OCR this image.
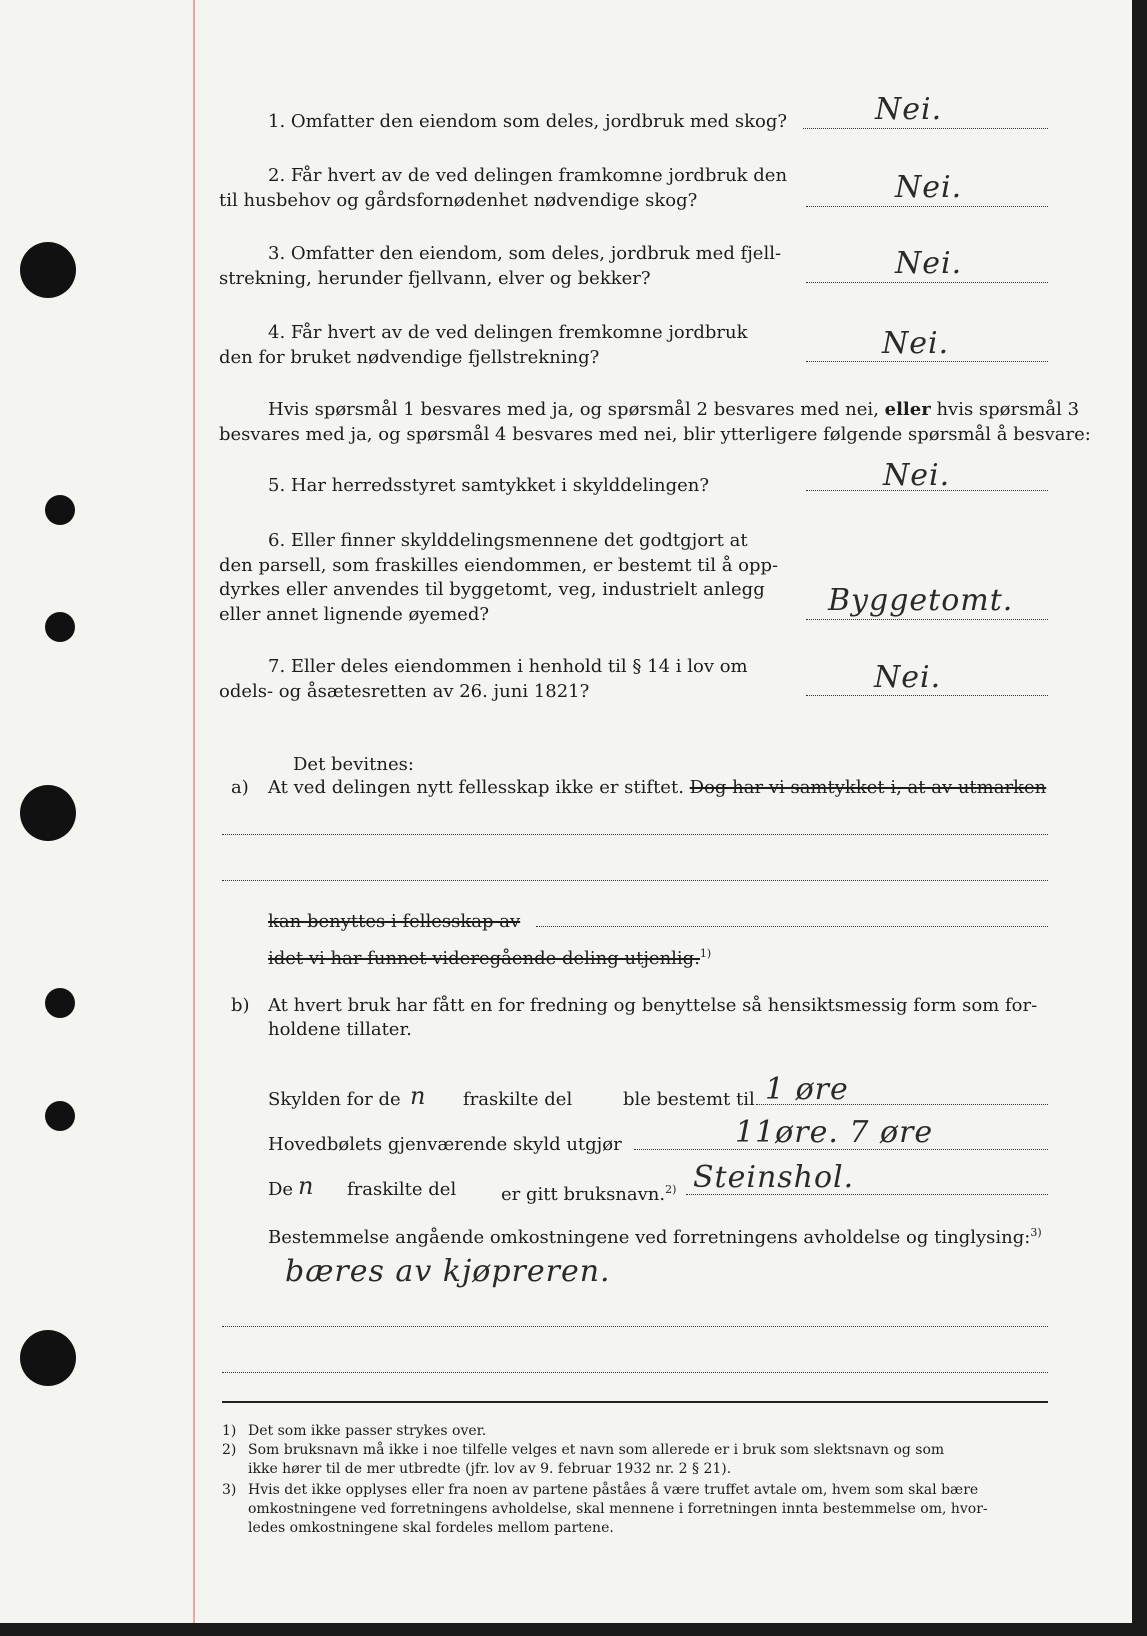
1. Omfatter den eiendom som deles, jordbruk med skog?	Nei.
2. Får hvert av de ved delingen framkomne jordbruk den
til husbehov og gårdsfornødenhet nødvendige skog?	Nei.
3. Omfatter den eiendom, som deles, jordbruk med fjell-
strekning, herunder fjellvann, elver og bekker?	Nei.
4. Får hvert av de ved delingen fremkomne jordbruk
den for bruket nødvendige fjellstrekning?	Nei.
Hvis spørsmål 1 besvares med ja, og spørsmål 2 besvares med nei, eller hvis spørsmål 3
besvares med ja, og spørsmål 4 besvares med nei, blir ytterligere følgende spørsmål å besvare:
5. Har herredsstyret samtykket i skylddelingen?	Nei.
6. Eller finner skylddelingsmennene det godtgjort at
den parsell, som fraskilles eiendommen, er bestemt til å opp-
dyrkes eller anvendes til byggetomt, veg, industrielt anlegg
eller annet lignende øyemed?	Byggetomt.
7. Eller deles eiendommen i henhold til § 14 i lov om
odels- og åsætesretten av 26. juni 1821?	Nei.
Det bevitnes:
a) At ved delingen nytt fellesskap ikke er stiftet. Dog har vi samtykket i, at av utmarken
kan benyttes i fellesskap av
idet vi har funnet videregående deling utjenlig.$^{1)}$
b) At hvert bruk har fått en for fredning og benyttelse så hensiktsmessig form som for-
holdene tillater.
Skylden for de n fraskilte del	ble bestemt til 1 øre
Hovedbølets gjenværende skyld utgjør	11øre. 7 øre
De n fraskilte del er gitt bruksnavn.$^{2)}$ Steinshol.
Bestemmelse angående omkostningene ved forretningens avholdelse og tinglysing:$^{3)}$
bæres av kjøpreren.
1) Det som ikke passer strykes over.
2) Som bruksnavn må ikke i noe tilfelle velges et navn som allerede er i bruk som slektsnavn og som
ikke hører til de mer utbredte (jfr. lov av 9. februar 1932 nr. 2 § 21).
3) Hvis det ikke opplyses eller fra noen av partene påståes å være truffet avtale om, hvem som skal bære
omkostningene ved forretningens avholdelse, skal mennene i forretningen innta bestemmelse om, hvor-
ledes omkostningene skal fordeles mellom partene.
